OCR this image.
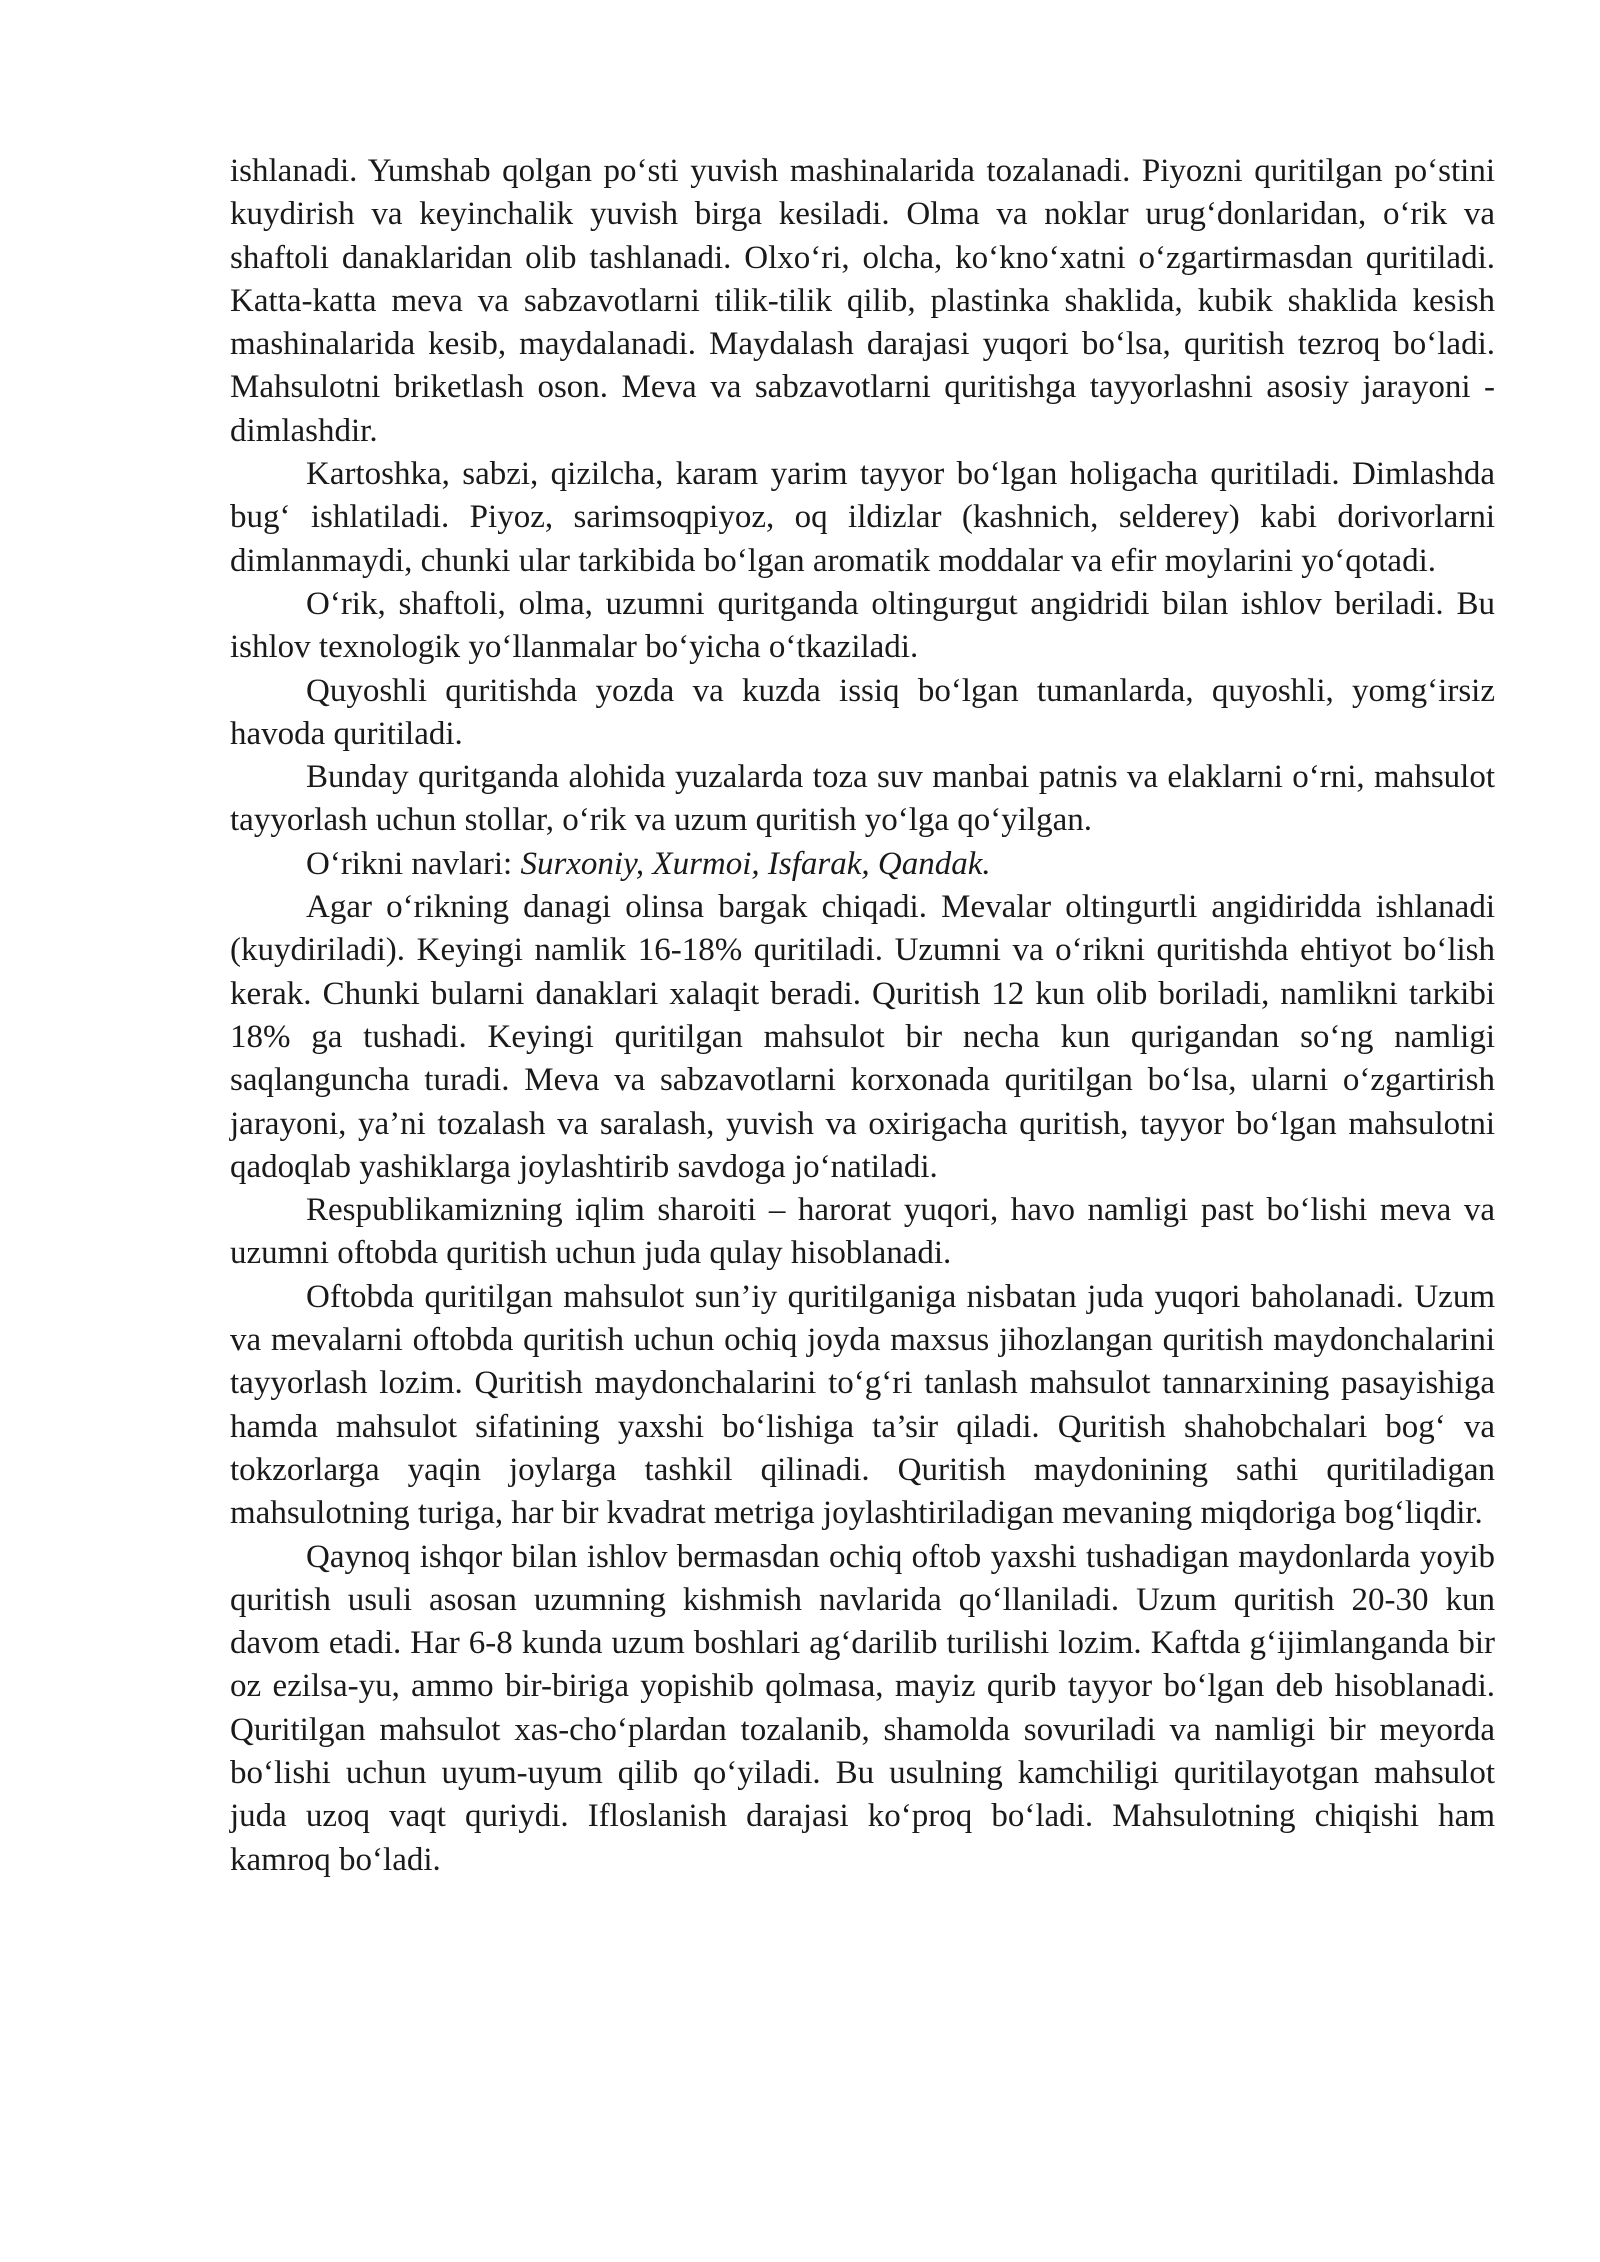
ishlanadi. Yumshab qolgan po‘sti yuvish mashinalarida tozalanadi. Piyozni quritilgan po‘stini kuydirish va keyinchalik yuvish birga kesiladi. Olma va noklar urug‘donlaridan, o‘rik va shaftoli danaklaridan olib tashlanadi. Olxo‘ri, olcha, ko‘kno‘xatni o‘zgartirmasdan quritiladi. Katta-katta meva va sabzavotlarni tilik-tilik qilib, plastinka shaklida, kubik shaklida kesish mashinalarida kesib, maydalanadi. Maydalash darajasi yuqori bo‘lsa, quritish tezroq bo‘ladi. Mahsulotni briketlash oson. Meva va sabzavotlarni quritishga tayyorlashni asosiy jarayoni - dimlashdir.

Kartoshka, sabzi, qizilcha, karam yarim tayyor bo‘lgan holigacha quritiladi. Dimlashda bug‘ ishlatiladi. Piyoz, sarimsoqpiyoz, oq ildizlar (kashnich, selderey) kabi dorivorlarni dimlanmaydi, chunki ular tarkibida bo‘lgan aromatik moddalar va efir moylarini yo‘qotadi.

O‘rik, shaftoli, olma, uzumni quritganda oltingurgut angidridi bilan ishlov beriladi. Bu ishlov texnologik yo‘llanmalar bo‘yicha o‘tkaziladi.

Quyoshli quritishda yozda va kuzda issiq bo‘lgan tumanlarda, quyoshli, yomg‘irsiz havoda quritiladi.

Bunday quritganda alohida yuzalarda toza suv manbai patnis va elaklarni o‘rni, mahsulot tayyorlash uchun stollar, o‘rik va uzum quritish yo‘lga qo‘yilgan.

O‘rikni navlari: Surxoniy, Xurmoi, Isfarak, Qandak.

Agar o‘rikning danagi olinsa bargak chiqadi. Mevalar oltingurtli angidiridda ishlanadi (kuydiriladi). Keyingi namlik 16-18% quritiladi. Uzumni va o‘rikni quritishda ehtiyot bo‘lish kerak. Chunki bularni danaklari xalaqit beradi. Quritish 12 kun olib boriladi, namlikni tarkibi 18% ga tushadi. Keyingi quritilgan mahsulot bir necha kun qurigandan so‘ng namligi saqlanguncha turadi. Meva va sabzavotlarni korxonada quritilgan bo‘lsa, ularni o‘zgartirish jarayoni, ya’ni tozalash va saralash, yuvish va oxirigacha quritish, tayyor bo‘lgan mahsulotni qadoqlab yashiklarga joylashtirib savdoga jo‘natiladi.

Respublikamizning iqlim sharoiti – harorat yuqori, havo namligi past bo‘lishi meva va uzumni oftobda quritish uchun juda qulay hisoblanadi.

Oftobda quritilgan mahsulot sun’iy quritilganiga nisbatan juda yuqori baholanadi. Uzum va mevalarni oftobda quritish uchun ochiq joyda maxsus jihozlangan quritish maydonchalarini tayyorlash lozim. Quritish maydonchalarini to‘g‘ri tanlash mahsulot tannarxining pasayishiga hamda mahsulot sifatining yaxshi bo‘lishiga ta’sir qiladi. Quritish shahobchalari bog‘ va tokzorlarga yaqin joylarga tashkil qilinadi. Quritish maydonining sathi quritiladigan mahsulotning turiga, har bir kvadrat metriga joylashtiriladigan mevaning miqdoriga bog‘liqdir.

Qaynoq ishqor bilan ishlov bermasdan ochiq oftob yaxshi tushadigan maydonlarda yoyib quritish usuli asosan uzumning kishmish navlarida qo‘llaniladi. Uzum quritish 20-30 kun davom etadi. Har 6-8 kunda uzum boshlari ag‘darilib turilishi lozim. Kaftda g‘ijimlanganda bir oz ezilsa-yu, ammo bir-biriga yopishib qolmasa, mayiz qurib tayyor bo‘lgan deb hisoblanadi. Quritilgan mahsulot xas-cho‘plardan tozalanib, shamolda sovuriladi va namligi bir meyorda bo‘lishi uchun uyum-uyum qilib qo‘yiladi. Bu usulning kamchiligi quritilayotgan mahsulot juda uzoq vaqt quriydi. Ifloslanish darajasi ko‘proq bo‘ladi. Mahsulotning chiqishi ham kamroq bo‘ladi.
